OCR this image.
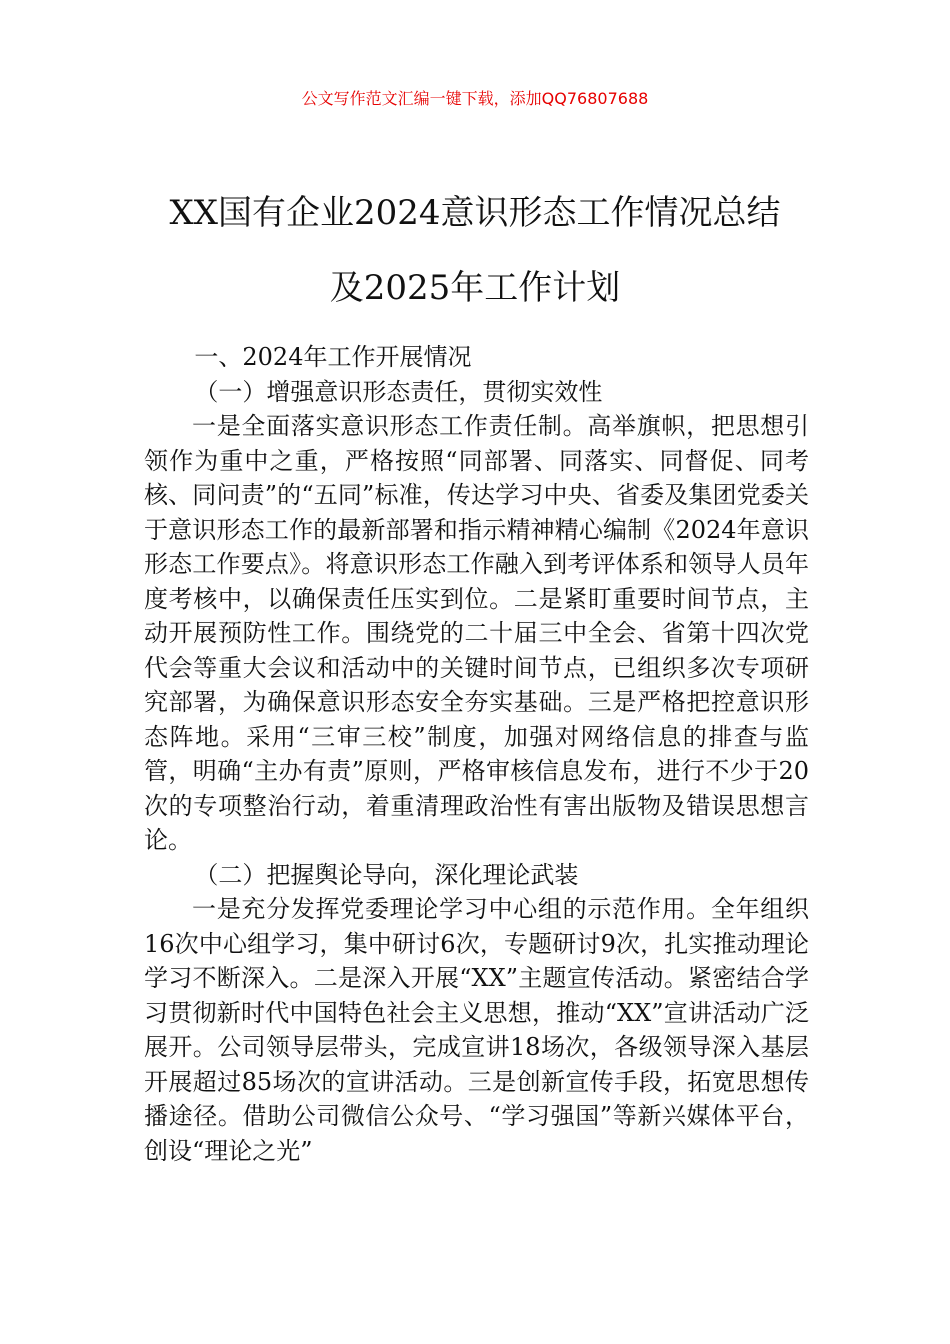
公文写作范文汇编一键下载，添加QQ76807688
XX国有企业2024意识形态工作情况总结
及2025年工作计划

一、2024年工作开展情况

（一）增强意识形态责任，贯彻实效性

一是全面落实意识形态工作责任制。高举旗帜，把思想引领作为重中之重，严格按照“同部署、同落实、同督促、同考核、同问责”的“五同”标准，传达学习中央、省委及集团党委关于意识形态工作的最新部署和指示精神精心编制《2024年意识形态工作要点》。将意识形态工作融入到考评体系和领导人员年度考核中，以确保责任压实到位。二是紧盯重要时间节点，主动开展预防性工作。围绕党的二十届三中全会、省第十四次党代会等重大会议和活动中的关键时间节点，已组织多次专项研究部署，为确保意识形态安全夯实基础。三是严格把控意识形态阵地。采用“三审三校”制度，加强对网络信息的排查与监管，明确“主办有责”原则，严格审核信息发布，进行不少于20次的专项整治行动，着重清理政治性有害出版物及错误思想言论。

（二）把握舆论导向，深化理论武装

一是充分发挥党委理论学习中心组的示范作用。全年组织16次中心组学习，集中研讨6次，专题研讨9次，扎实推动理论学习不断深入。二是深入开展“XX”主题宣传活动。紧密结合学习贯彻新时代中国特色社会主义思想，推动“XX”宣讲活动广泛展开。公司领导层带头，完成宣讲18场次，各级领导深入基层开展超过85场次的宣讲活动。三是创新宣传手段，拓宽思想传播途径。借助公司微信公众号、“学习强国”等新兴媒体平台，创设“理论之光”
